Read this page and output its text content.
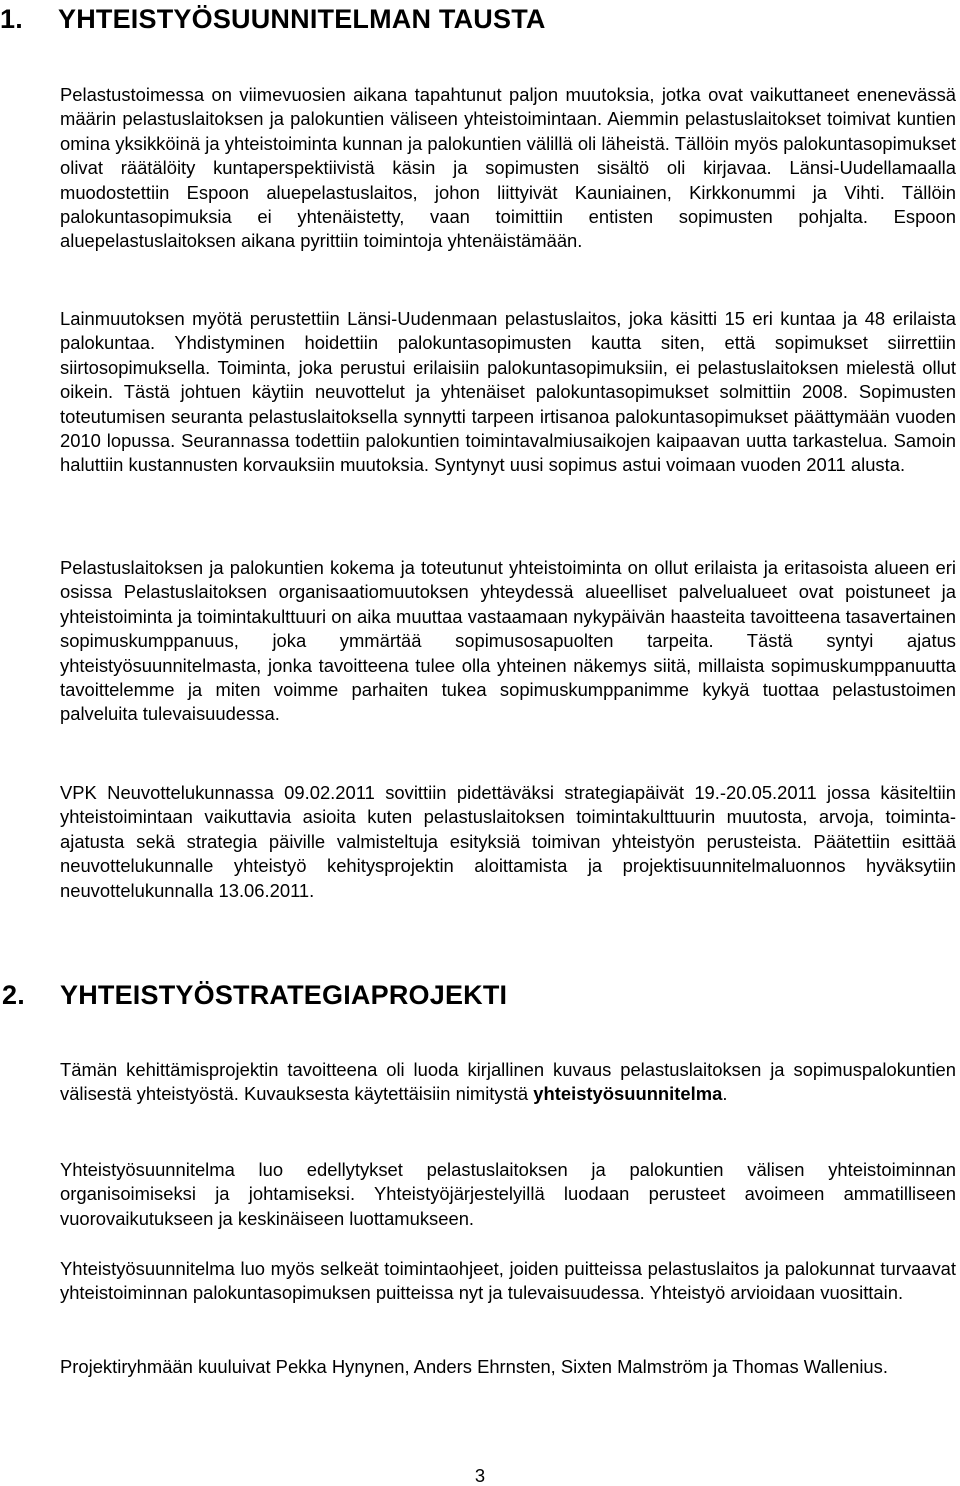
1. YHTEISTYÖSUUNNITELMAN TAUSTA
Pelastustoimessa on viimevuosien aikana tapahtunut paljon muutoksia, jotka ovat vaikuttaneet enenevässä määrin pelastuslaitoksen ja palokuntien väliseen yhteistoimintaan. Aiemmin pelastuslaitokset toimivat kuntien omina yksikköinä ja yhteistoiminta kunnan ja palokuntien välillä oli läheistä. Tällöin myös palokuntasopimukset olivat räätälöity kuntaperspektiivistä käsin ja sopimusten sisältö oli kirjavaa. Länsi-Uudellamaalla muodostettiin Espoon aluepelastuslaitos, johon liittyivät Kauniainen, Kirkkonummi ja Vihti. Tällöin palokuntasopimuksia ei yhtenäistetty, vaan toimittiin entisten sopimusten pohjalta. Espoon aluepelastuslaitoksen aikana pyrittiin toimintoja yhtenäistämään.
Lainmuutoksen myötä perustettiin Länsi-Uudenmaan pelastuslaitos, joka käsitti 15 eri kuntaa ja 48 erilaista palokuntaa. Yhdistyminen hoidettiin palokuntasopimusten kautta siten, että sopimukset siirrettiin siirtosopimuksella. Toiminta, joka perustui erilaisiin palokuntasopimuksiin, ei pelastuslaitoksen mielestä ollut oikein. Tästä johtuen käytiin neuvottelut ja yhtenäiset palokuntasopimukset solmittiin 2008. Sopimusten toteutumisen seuranta pelastuslaitoksella synnytti tarpeen irtisanoa palokuntasopimukset päättymään vuoden 2010 lopussa. Seurannassa todettiin palokuntien toimintavalmiusaikojen kaipaavan uutta tarkastelua. Samoin haluttiin kustannusten korvauksiin muutoksia. Syntynyt uusi sopimus astui voimaan vuoden 2011 alusta.
Pelastuslaitoksen ja palokuntien kokema ja toteutunut yhteistoiminta on ollut erilaista ja eritasoista alueen eri osissa Pelastuslaitoksen organisaatiomuutoksen yhteydessä alueelliset palvelualueet ovat poistuneet ja yhteistoiminta ja toimintakulttuuri on aika muuttaa vastaamaan nykypäivän haasteita tavoitteena tasavertainen sopimuskumppanuus, joka ymmärtää sopimusosapuolten tarpeita. Tästä syntyi ajatus yhteistyösuunnitelmasta, jonka tavoitteena tulee olla yhteinen näkemys siitä, millaista sopimuskumppanuutta tavoittelemme ja miten voimme parhaiten tukea sopimuskumppanimme kykyä tuottaa pelastustoimen palveluita tulevaisuudessa.
VPK Neuvottelukunnassa 09.02.2011 sovittiin pidettäväksi strategiapäivät 19.-20.05.2011 jossa käsiteltiin yhteistoimintaan vaikuttavia asioita kuten pelastuslaitoksen toimintakulttuurin muutosta, arvoja, toiminta-ajatusta sekä strategia päiville valmisteltuja esityksiä toimivan yhteistyön perusteista. Päätettiin esittää neuvottelukunnalle yhteistyö kehitysprojektin aloittamista ja projektisuunnitelmaluonnos hyväksytiin neuvottelukunnalla 13.06.2011.
2. YHTEISTYÖSTRATEGIAPROJEKTI
Tämän kehittämisprojektin tavoitteena oli luoda kirjallinen kuvaus pelastuslaitoksen ja sopimuspalokuntien välisestä yhteistyöstä. Kuvauksesta käytettäisiin nimitystä yhteistyösuunnitelma.
Yhteistyösuunnitelma luo edellytykset pelastuslaitoksen ja palokuntien välisen yhteistoiminnan organisoimiseksi ja johtamiseksi. Yhteistyöjärjestelyillä luodaan perusteet avoimeen ammatilliseen vuorovaikutukseen ja keskinäiseen luottamukseen.
Yhteistyösuunnitelma luo myös selkeät toimintaohjeet, joiden puitteissa pelastuslaitos ja palokunnat turvaavat yhteistoiminnan palokuntasopimuksen puitteissa nyt ja tulevaisuudessa. Yhteistyö arvioidaan vuosittain.
Projektiryhmään kuuluivat Pekka Hynynen, Anders Ehrnsten, Sixten Malmström ja Thomas Wallenius.
3
